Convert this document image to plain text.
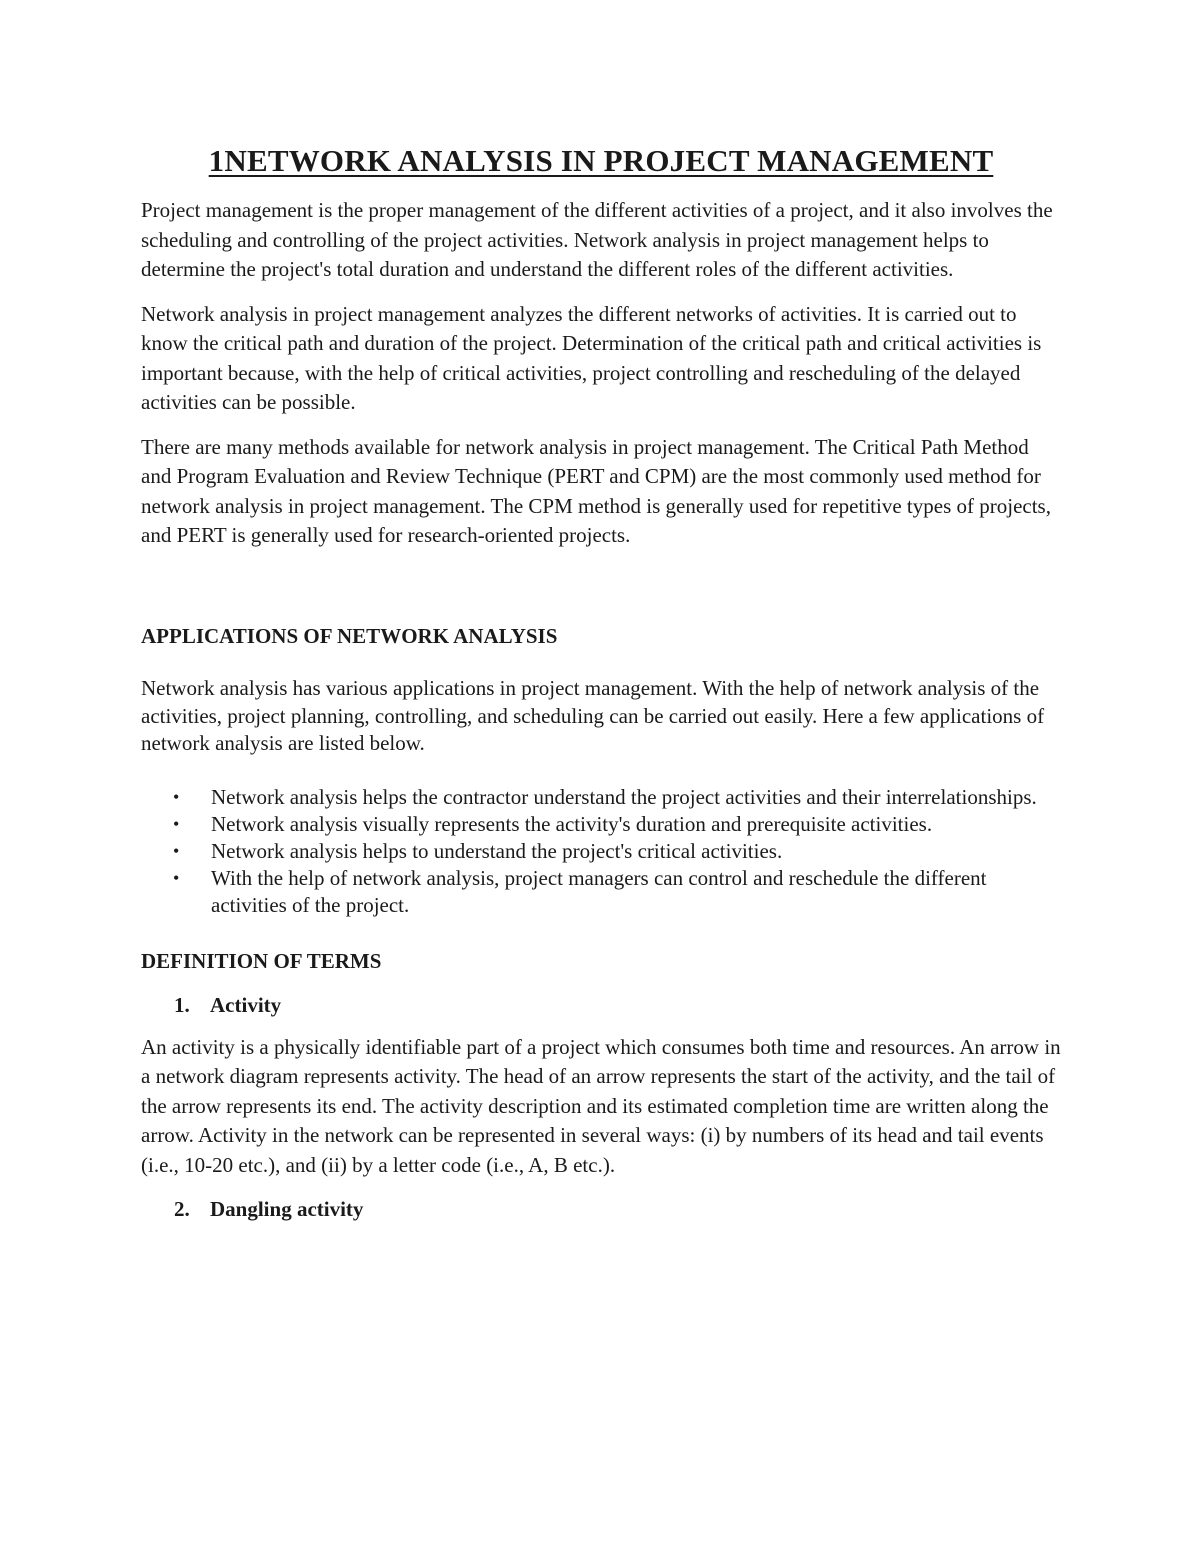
1NETWORK ANALYSIS IN PROJECT MANAGEMENT

Project management is the proper management of the different activities of a project, and it also involves the scheduling and controlling of the project activities. Network analysis in project management helps to determine the project's total duration and understand the different roles of the different activities.

Network analysis in project management analyzes the different networks of activities. It is carried out to know the critical path and duration of the project. Determination of the critical path and critical activities is important because, with the help of critical activities, project controlling and rescheduling of the delayed activities can be possible.

There are many methods available for network analysis in project management. The Critical Path Method and Program Evaluation and Review Technique (PERT and CPM) are the most commonly used method for network analysis in project management. The CPM method is generally used for repetitive types of projects, and PERT is generally used for research-oriented projects.

APPLICATIONS OF NETWORK ANALYSIS

Network analysis has various applications in project management. With the help of network analysis of the activities, project planning, controlling, and scheduling can be carried out easily. Here a few applications of network analysis are listed below.

• Network analysis helps the contractor understand the project activities and their interrelationships.
• Network analysis visually represents the activity's duration and prerequisite activities.
• Network analysis helps to understand the project's critical activities.
• With the help of network analysis, project managers can control and reschedule the different activities of the project.
DEFINITION OF TERMS
1. Activity

An activity is a physically identifiable part of a project which consumes both time and resources. An arrow in a network diagram represents activity. The head of an arrow represents the start of the activity, and the tail of the arrow represents its end. The activity description and its estimated completion time are written along the arrow. Activity in the network can be represented in several ways: (i) by numbers of its head and tail events (i.e., 10-20 etc.), and (ii) by a letter code (i.e., A, B etc.).

2. Dangling activity
